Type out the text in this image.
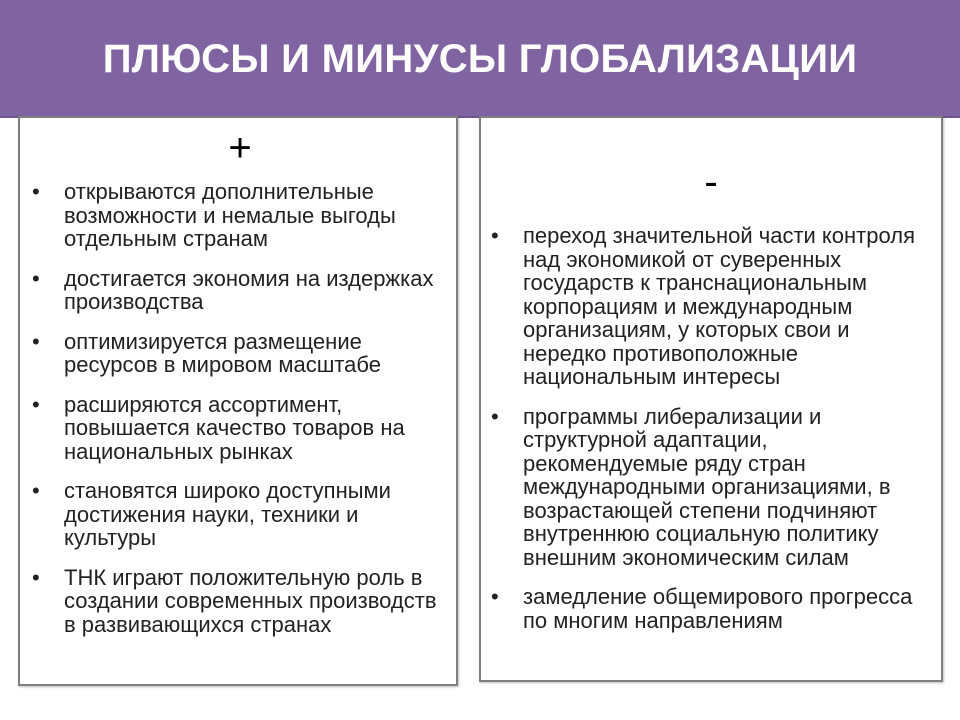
ПЛЮСЫ И МИНУСЫ ГЛОБАЛИЗАЦИИ
+
• открываются дополнительные возможности и немалые выгоды отдельным странам
• достигается экономия на издержках производства
• оптимизируется размещение ресурсов в мировом масштабе
• расширяются ассортимент, повышается качество товаров на национальных рынках
• становятся широко доступными достижения науки, техники и культуры
• ТНК играют положительную роль в создании современных производств в развивающихся странах
-
• переход значительной части контроля над экономикой от суверенных государств к транснациональным корпорациям и международным организациям, у которых свои и нередко противоположные национальным интересы
• программы либерализации и структурной адаптации, рекомендуемые ряду стран международными организациями, в возрастающей степени подчиняют внутреннюю социальную политику внешним экономическим силам
• замедление общемирового прогресса по многим направлениям
